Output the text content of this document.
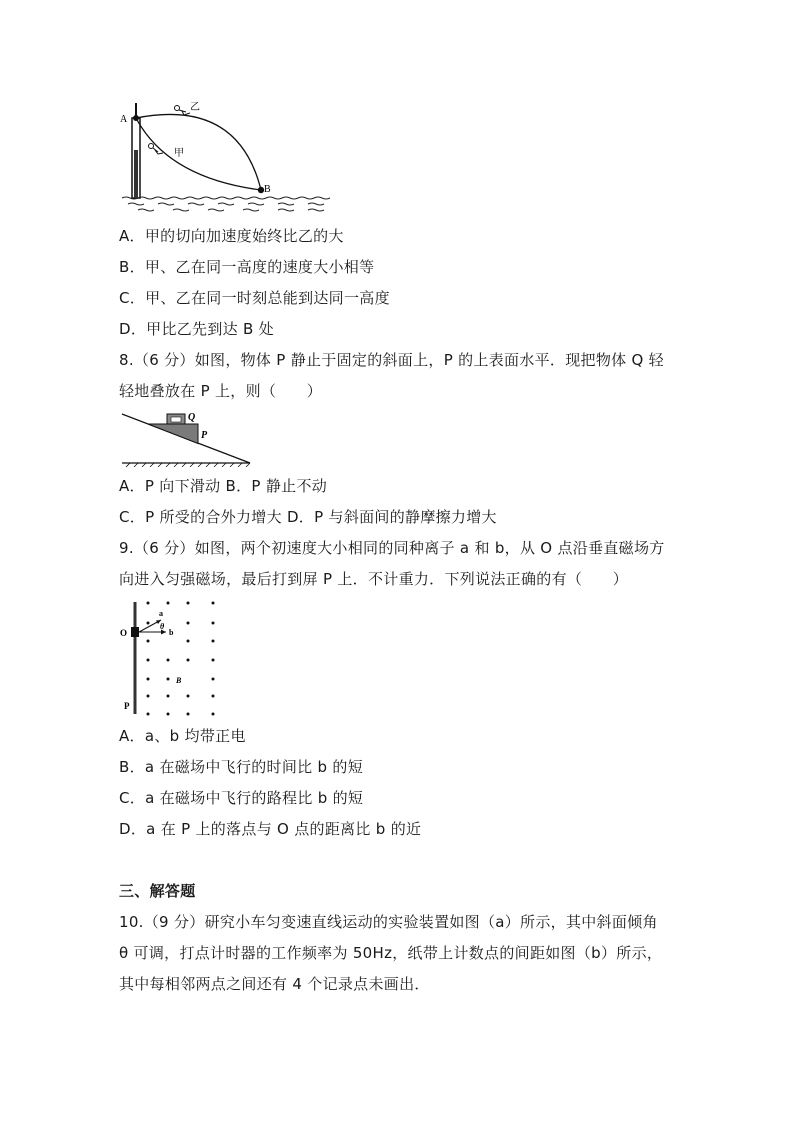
A
B
乙
甲
A．甲的切向加速度始终比乙的大
B．甲、乙在同一高度的速度大小相等
C．甲、乙在同一时刻总能到达同一高度
D．甲比乙先到达 B 处
8.（6 分）如图，物体 P 静止于固定的斜面上，P 的上表面水平．现把物体 Q 轻
轻地叠放在 P 上，则（　　）
Q
P
A．P 向下滑动 B．P 静止不动
C．P 所受的合外力增大 D．P 与斜面间的静摩擦力增大
9.（6 分）如图，两个初速度大小相同的同种离子 a 和 b，从 O 点沿垂直磁场方
向进入匀强磁场，最后打到屏 P 上．不计重力．下列说法正确的有（　　）
O
P
a
θ
b
B
A．a、b 均带正电
B．a 在磁场中飞行的时间比 b 的短
C．a 在磁场中飞行的路程比 b 的短
D．a 在 P 上的落点与 O 点的距离比 b 的近
三、解答题
10.（9 分）研究小车匀变速直线运动的实验装置如图（a）所示，其中斜面倾角
θ 可调，打点计时器的工作频率为 50Hz，纸带上计数点的间距如图（b）所示，
其中每相邻两点之间还有 4 个记录点未画出．
